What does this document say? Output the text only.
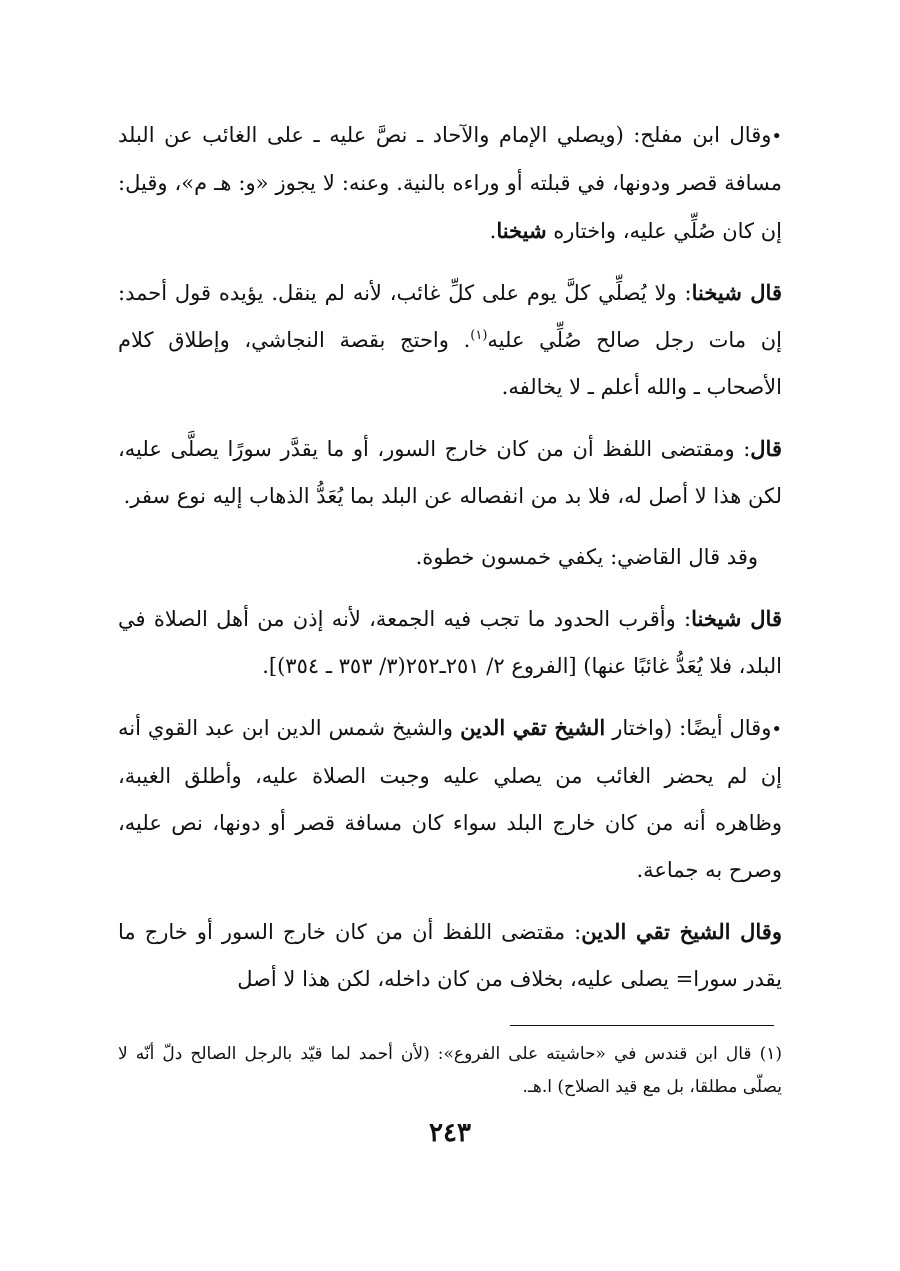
•وقال ابن مفلح: (ويصلي الإمام والآحاد ـ نصَّ عليه ـ على الغائب عن البلد مسافة قصر ودونها، في قبلته أو وراءه بالنية. وعنه: لا يجوز «و: هـ م»، وقيل: إن كان صُلِّي عليه، واختاره شيخنا.

قال شيخنا: ولا يُصلِّي كلَّ يوم على كلِّ غائب، لأنه لم ينقل. يؤيده قول أحمد: إن مات رجل صالح صُلِّي عليه$^{(١)}$. واحتج بقصة النجاشي، وإطلاق كلام الأصحاب ـ والله أعلم ـ لا يخالفه.

قال: ومقتضى اللفظ أن من كان خارج السور، أو ما يقدَّر سورًا يصلَّى عليه، لكن هذا لا أصل له، فلا بد من انفصاله عن البلد بما يُعَدُّ الذهاب إليه نوع سفر.

وقد قال القاضي: يكفي خمسون خطوة.

قال شيخنا: وأقرب الحدود ما تجب فيه الجمعة، لأنه إذن من أهل الصلاة في البلد، فلا يُعَدُّ غائبًا عنها) [الفروع ٢/ ٢٥١ـ٢٥٢(٣/ ٣٥٣ ـ ٣٥٤)].

•وقال أيضًا: (واختار الشيخ تقي الدين والشيخ شمس الدين ابن عبد القوي أنه إن لم يحضر الغائب من يصلي عليه وجبت الصلاة عليه، وأطلق الغيبة، وظاهره أنه من كان خارج البلد سواء كان مسافة قصر أو دونها، نص عليه، وصرح به جماعة.

وقال الشيخ تقي الدين: مقتضى اللفظ أن من كان خارج السور أو خارج ما يقدر سورا= يصلى عليه، بخلاف من كان داخله، لكن هذا لا أصل

(١) قال ابن قندس في «حاشيته على الفروع»: (لأن أحمد لما قيّد بالرجل الصالح دلّ أنّه لا يصلّى مطلقا، بل مع قيد الصلاح) ا.هـ.
٢٤٣
